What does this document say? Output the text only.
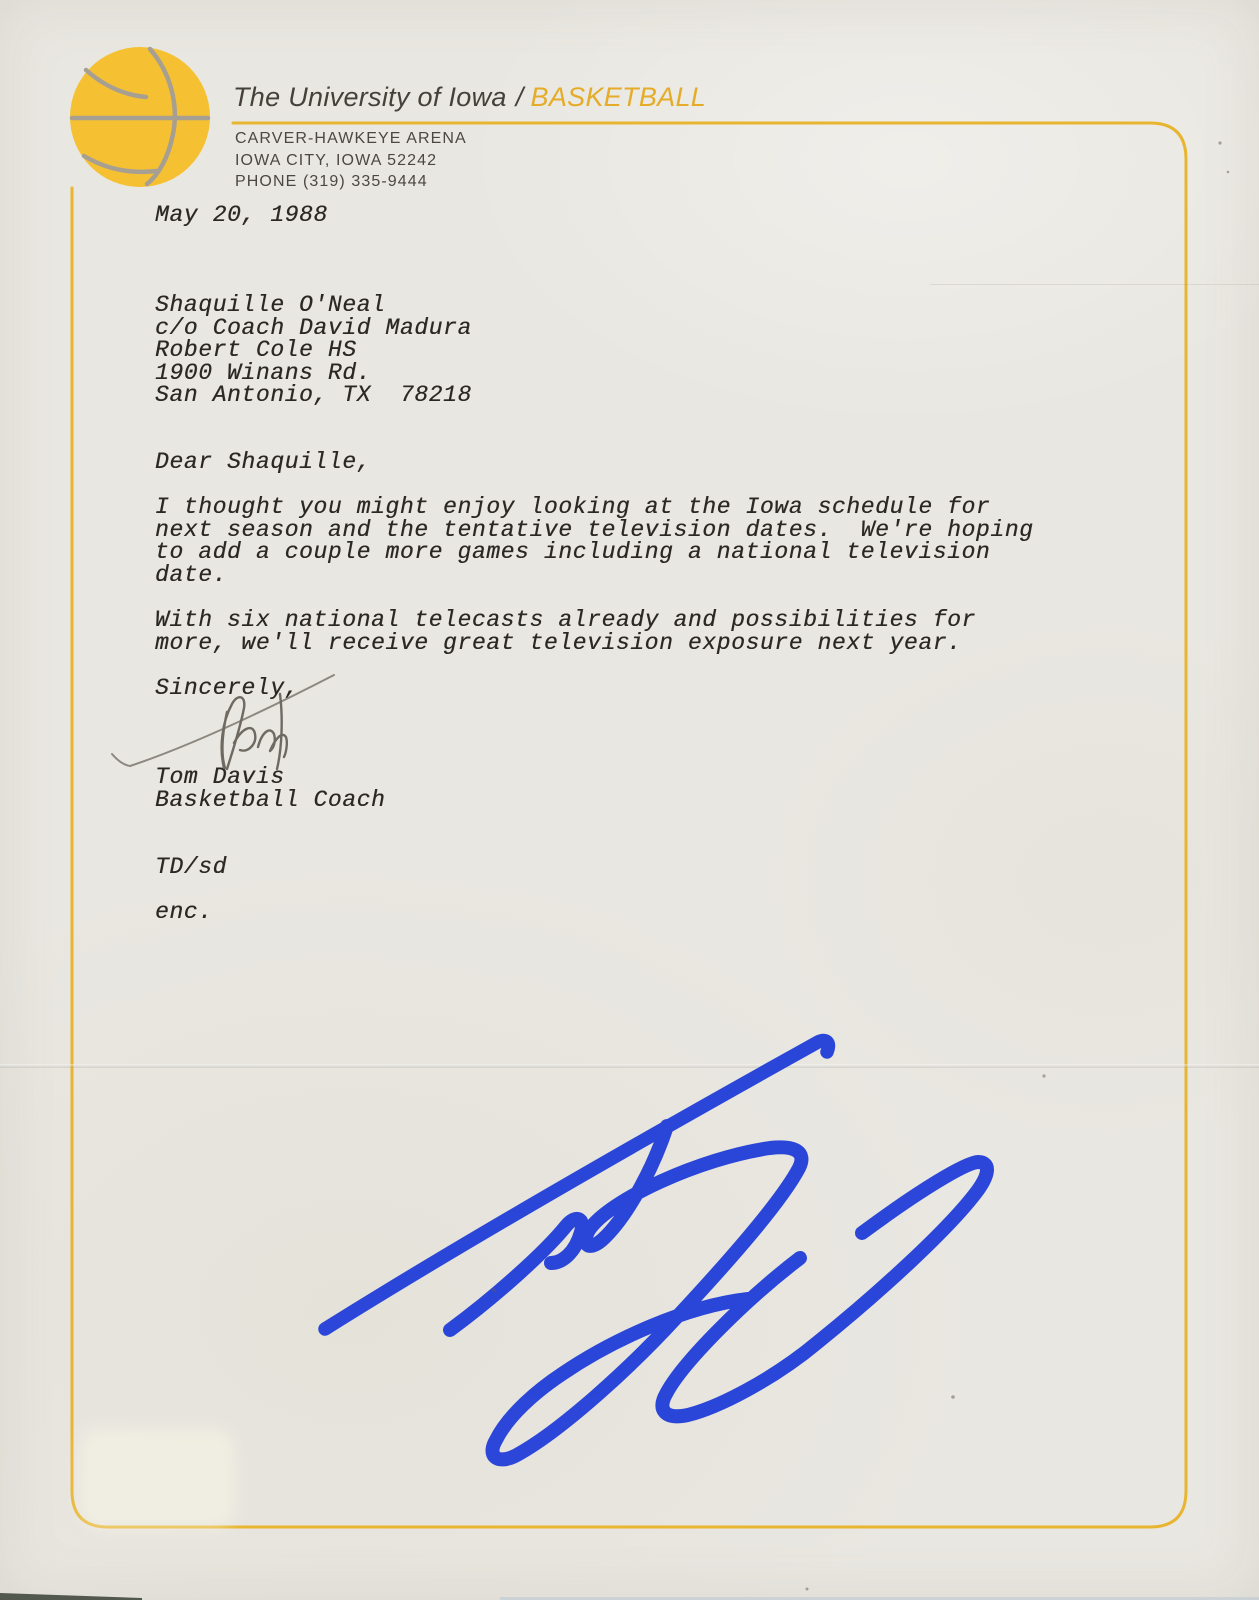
The University of Iowa / BASKETBALL
CARVER-HAWKEYE ARENA
IOWA CITY, IOWA 52242
PHONE (319) 335-9444
May 20, 1988
Shaquille O'Neal
c/o Coach David Madura
Robert Cole HS
1900 Winans Rd.
San Antonio, TX  78218
Dear Shaquille,
I thought you might enjoy looking at the Iowa schedule for
next season and the tentative television dates.  We're hoping
to add a couple more games including a national television
date.
With six national telecasts already and possibilities for
more, we'll receive great television exposure next year.
Sincerely,
Tom Davis
Basketball Coach
TD/sd
enc.
